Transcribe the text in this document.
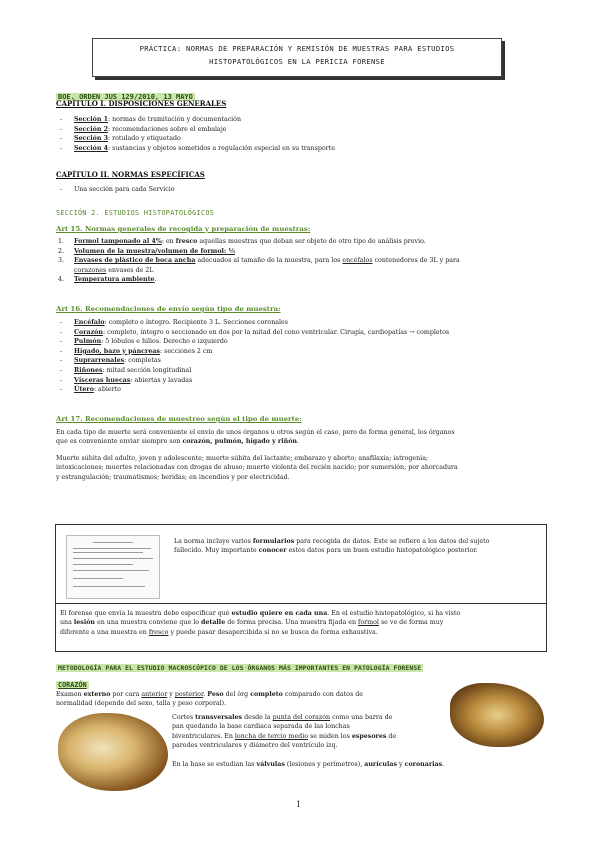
PRÁCTICA: NORMAS DE PREPARACIÓN Y REMISIÓN DE MUESTRAS PARA ESTUDIOS
HISTOPATOLÓGICOS EN LA PERICIA FORENSE
BOE. ORDEN JUS 129/2010, 13 MAYO
CAPÍTULO I. DISPOSICIONES GENERALES
- Sección 1: normas de tramitación y documentación
- Sección 2: recomendaciones sobre el embalaje
- Sección 3: rotulado y etiquetado
- Sección 4: sustancias y objetos sometidos a regulación especial en su transporte
CAPÍTULO II. NORMAS ESPECÍFICAS
- Una sección para cada Servicio
SECCIÓN 2. ESTUDIOS HISTOPATOLÓGICOS
Art 15. Normas generales de recogida y preparación de muestras:
1. Formol tamponado al 4%: en fresco aquellas muestras que deban ser objeto de otro tipo de análisis previo.
2. Volumen de la muestra/volumen de formol: ⅕
3. Envases de plástico de boca ancha adecuados al tamaño de la muestra, para los encéfalos contenedores de 3L y para
corazones envases de 2L
4. Temperatura ambiente.
Art 16. Recomendaciones de envío según tipo de muestra:
- Encéfalo: completo e íntegro. Recipiente 3 L. Secciones coronales
- Corazón: completo, íntegro o seccionado en dos por la mitad del cono ventricular. Cirugía, cardiopatías → completos
- Pulmón: 5 lóbulos e hilios. Derecho e izquierdo
- Hígado, bazo y páncreas: secciones 2 cm
- Suprarrenales: completas
- Riñones: mitad sección longitudinal
- Vísceras huecas: abiertas y lavadas
- Útero: abierto
Art 17. Recomendaciones de muestreo según el tipo de muerte:
En cada tipo de muerte será conveniente el envío de unos órganos u otros según el caso, pero de forma general, los órganos
que es conveniente enviar siempre son corazón, pulmón, hígado y riñón.
Muerte súbita del adulto, joven y adolescente; muerte súbita del lactante; embarazo y aborto; anafilaxia; iatrogenia;
intoxicaciones; muertes relacionadas con drogas de abuso; muerte violenta del recién nacido; por sumersión; por ahorcadura
y estrangulación; traumatismos; heridas; en incendios y por electricidad.
La norma incluye varios formularios para recogida de datos. Este se refiere a los datos del sujeto
fallecido. Muy importante conocer estos datos para un buen estudio histopatológico posterior.
El forense que envía la muestra debe especificar qué estudio quiere en cada una. En el estudio histopatológico, si ha visto
una lesión en una muestra conviene que lo detalle de forma precisa. Una muestra fijada en formol se ve de forma muy
diferente a una muestra en fresco y puede pasar desapercibida si no se busca de forma exhaustiva.
METODOLOGÍA PARA EL ESTUDIO MACROSCÓPICO DE LOS ÓRGANOS MÁS IMPORTANTES EN PATOLOGÍA FORENSE
CORAZÓN
Examen externo por cara anterior y posterior. Peso del órg completo comparado con datos de
normalidad (depende del sexo, talla y peso corporal).
Cortes transversales desde la punta del corazón como una barra de
pan quedando la base cardiaca separada de las lonchas
biventriculares. En loncha de tercio medio se miden los espesores de
paredes ventriculares y diámetro del ventrículo izq.
En la base se estudian las válvulas (lesiones y perímetros), aurículas y coronarias.
1
